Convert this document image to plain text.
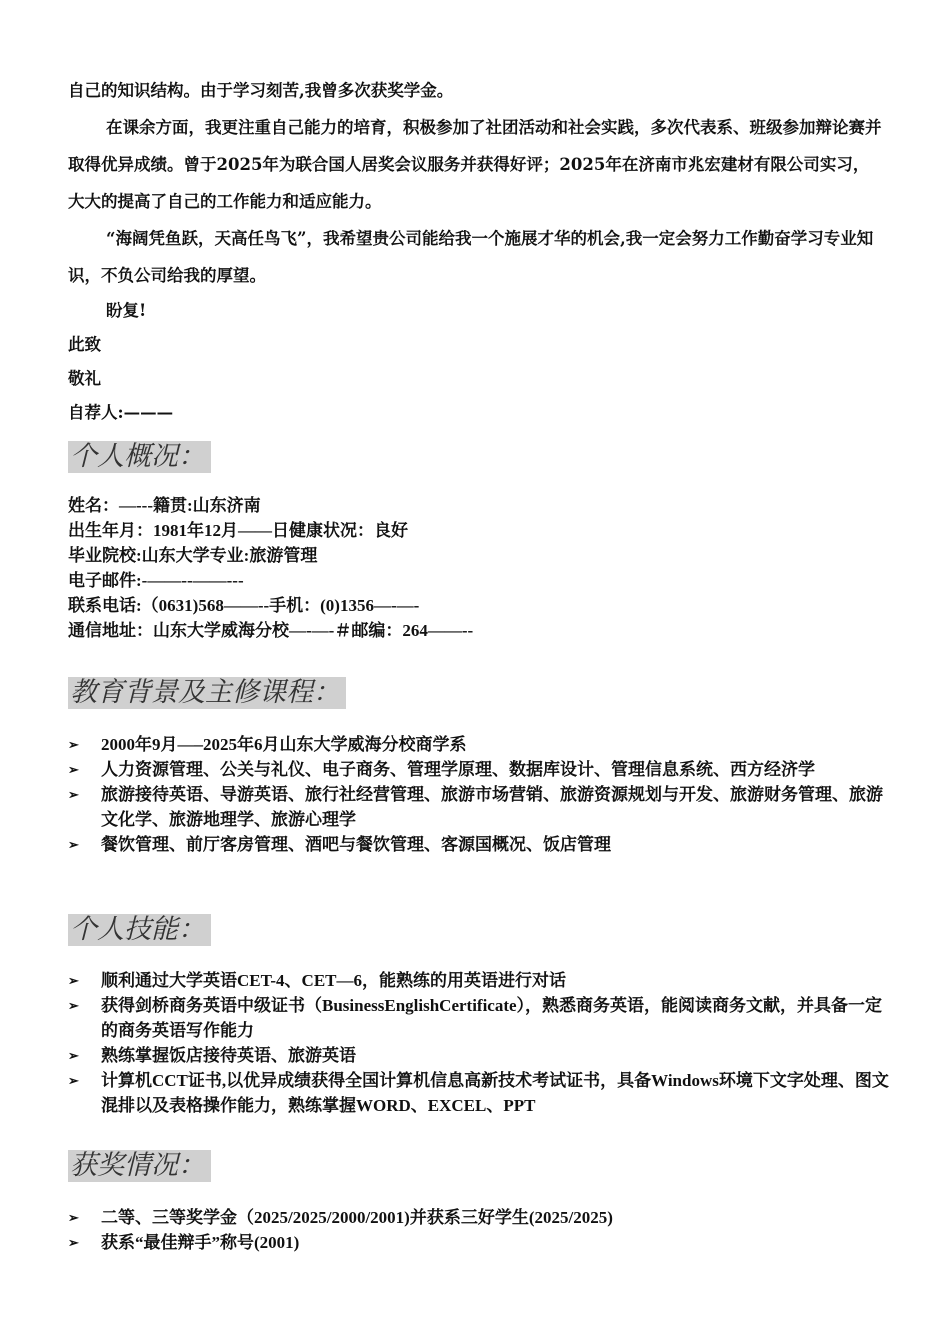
自己的知识结构。由于学习刻苦,我曾多次获奖学金。

在课余方面，我更注重自己能力的培育，积极参加了社团活动和社会实践，多次代表系、班级参加辩论赛并取得优异成绩。曾于2025年为联合国人居奖会议服务并获得好评；2025年在济南市兆宏建材有限公司实习，大大的提高了自己的工作能力和适应能力。

“海阔凭鱼跃，天高任鸟飞”，我希望贵公司能给我一个施展才华的机会,我一定会努力工作勤奋学习专业知识，不负公司给我的厚望。

盼复!

此致

敬礼

自荐人:———

个人概况：
姓名：—---籍贯:山东济南
出生年月：1981年12月——日健康状况：良好
毕业院校:山东大学专业:旅游管理
电子邮件:-——--——---
联系电话:（0631)568——--手机：(0)1356—-—-
通信地址：山东大学威海分校—-—-＃邮编：264——--
教育背景及主修课程：
➢ 2000年9月—–2025年6月山东大学威海分校商学系
➢ 人力资源管理、公关与礼仪、电子商务、管理学原理、数据库设计、管理信息系统、西方经济学
➢ 旅游接待英语、导游英语、旅行社经营管理、旅游市场营销、旅游资源规划与开发、旅游财务管理、旅游文化学、旅游地理学、旅游心理学
➢ 餐饮管理、前厅客房管理、酒吧与餐饮管理、客源国概况、饭店管理
个人技能：
➢ 顺利通过大学英语CET-4、CET—6，能熟练的用英语进行对话
➢ 获得剑桥商务英语中级证书（BusinessEnglishCertificate），熟悉商务英语，能阅读商务文献，并具备一定的商务英语写作能力
➢ 熟练掌握饭店接待英语、旅游英语
➢ 计算机CCT证书,以优异成绩获得全国计算机信息高新技术考试证书，具备Windows环境下文字处理、图文混排以及表格操作能力，熟练掌握WORD、EXCEL、PPT
获奖情况：
➢ 二等、三等奖学金（2025/2025/2000/2001)并获系三好学生(2025/2025)
➢ 获系“最佳辩手”称号(2001)
